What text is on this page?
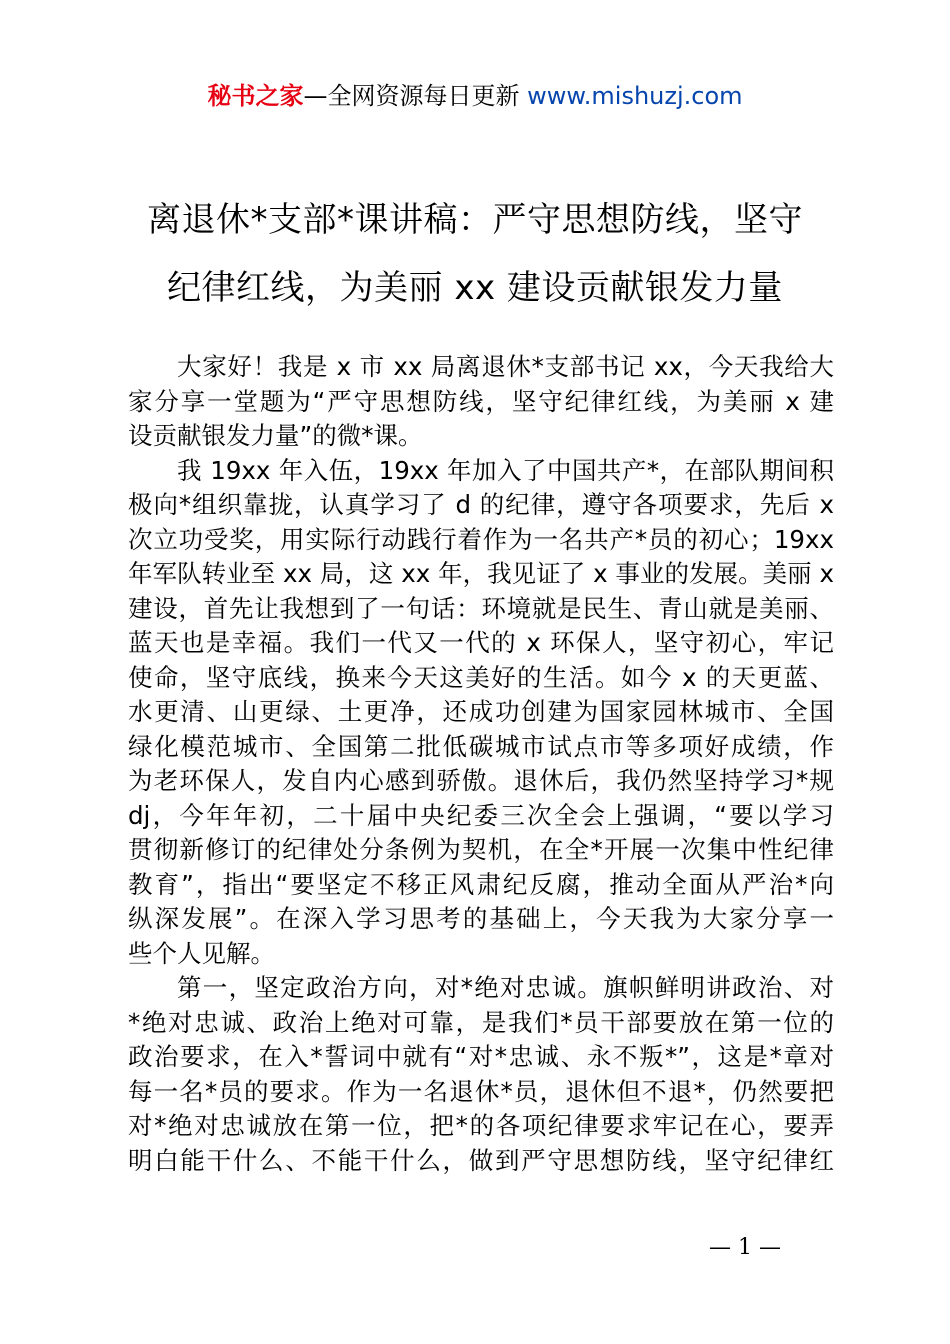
秘书之家—全网资源每日更新 www.mishuzj.com
离退休*支部*课讲稿：严守思想防线，坚守
纪律红线，为美丽 xx 建设贡献银发力量
大家好！我是 x 市 xx 局离退休*支部书记 xx，今天我给大
家分享一堂题为“严守思想防线，坚守纪律红线，为美丽 x 建
设贡献银发力量”的微*课。
我 19xx 年入伍，19xx 年加入了中国共产*，在部队期间积
极向*组织靠拢，认真学习了 d 的纪律，遵守各项要求，先后 x
次立功受奖，用实际行动践行着作为一名共产*员的初心；19xx
年军队转业至 xx 局，这 xx 年，我见证了 x 事业的发展。美丽 x
建设，首先让我想到了一句话：环境就是民生、青山就是美丽、
蓝天也是幸福。我们一代又一代的 x 环保人，坚守初心，牢记
使命，坚守底线，换来今天这美好的生活。如今 x 的天更蓝、
水更清、山更绿、土更净，还成功创建为国家园林城市、全国
绿化模范城市、全国第二批低碳城市试点市等多项好成绩，作
为老环保人，发自内心感到骄傲。退休后，我仍然坚持学习*规
dj，今年年初，二十届中央纪委三次全会上强调，“要以学习
贯彻新修订的纪律处分条例为契机，在全*开展一次集中性纪律
教育”，指出“要坚定不移正风肃纪反腐，推动全面从严治*向
纵深发展”。在深入学习思考的基础上，今天我为大家分享一
些个人见解。
第一，坚定政治方向，对*绝对忠诚。旗帜鲜明讲政治、对
*绝对忠诚、政治上绝对可靠，是我们*员干部要放在第一位的
政治要求，在入*誓词中就有“对*忠诚、永不叛*”，这是*章对
每一名*员的要求。作为一名退休*员，退休但不退*，仍然要把
对*绝对忠诚放在第一位，把*的各项纪律要求牢记在心，要弄
明白能干什么、不能干什么，做到严守思想防线，坚守纪律红
— 1 —
